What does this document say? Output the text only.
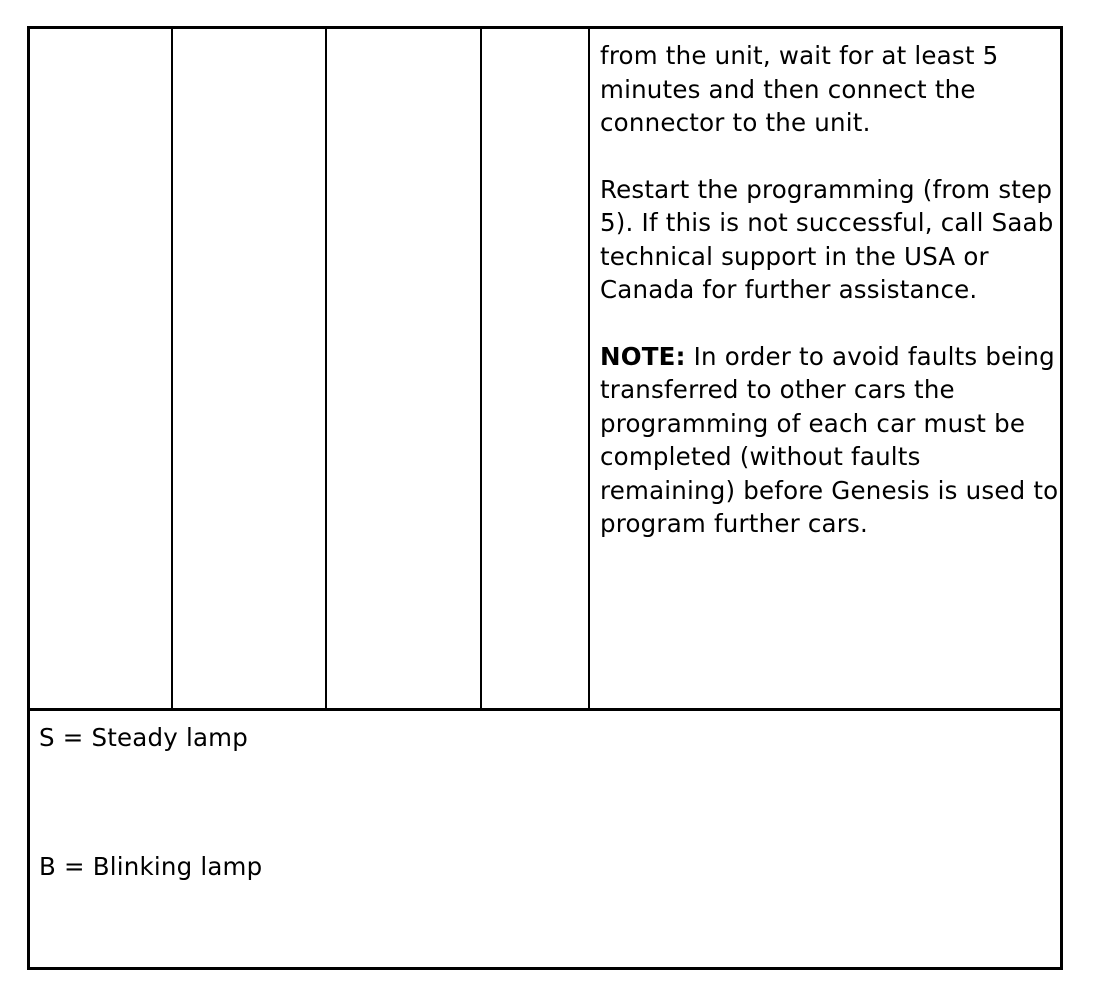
from the unit, wait for at least 5 minutes and then connect the connector to the unit.

Restart the programming (from step 5). If this is not successful, call Saab technical support in the USA or Canada for further assistance.

NOTE: In order to avoid faults being transferred to other cars the programming of each car must be completed (without faults remaining) before Genesis is used to program further cars.

S = Steady lamp
B = Blinking lamp
